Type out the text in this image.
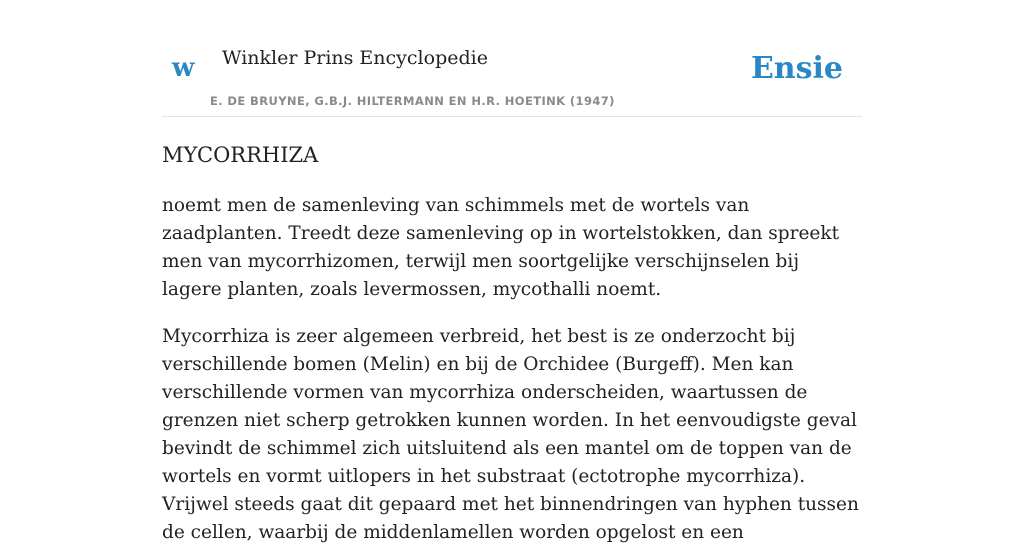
w Winkler Prins Encyclopedie
E. DE BRUYNE, G.B.J. HILTERMANN EN H.R. HOETINK (1947)
Ensie
MYCORRHIZA

noemt men de samenleving van schimmels met de wortels van zaadplanten. Treedt deze samenleving op in wortelstokken, dan spreekt men van mycorrhizomen, terwijl men soortgelijke verschijnselen bij lagere planten, zoals levermossen, mycothalli noemt.

Mycorrhiza is zeer algemeen verbreid, het best is ze onderzocht bij verschillende bomen (Melin) en bij de Orchidee (Burgeff). Men kan verschillende vormen van mycorrhiza onderscheiden, waartussen de grenzen niet scherp getrokken kunnen worden. In het eenvoudigste geval bevindt de schimmel zich uitsluitend als een mantel om de toppen van de wortels en vormt uitlopers in het substraat (ectotrophe mycorrhiza). Vrijwel steeds gaat dit gepaard met het binnendringen van hyphen tussen de cellen, waarbij de middenlamellen worden opgelost en een
